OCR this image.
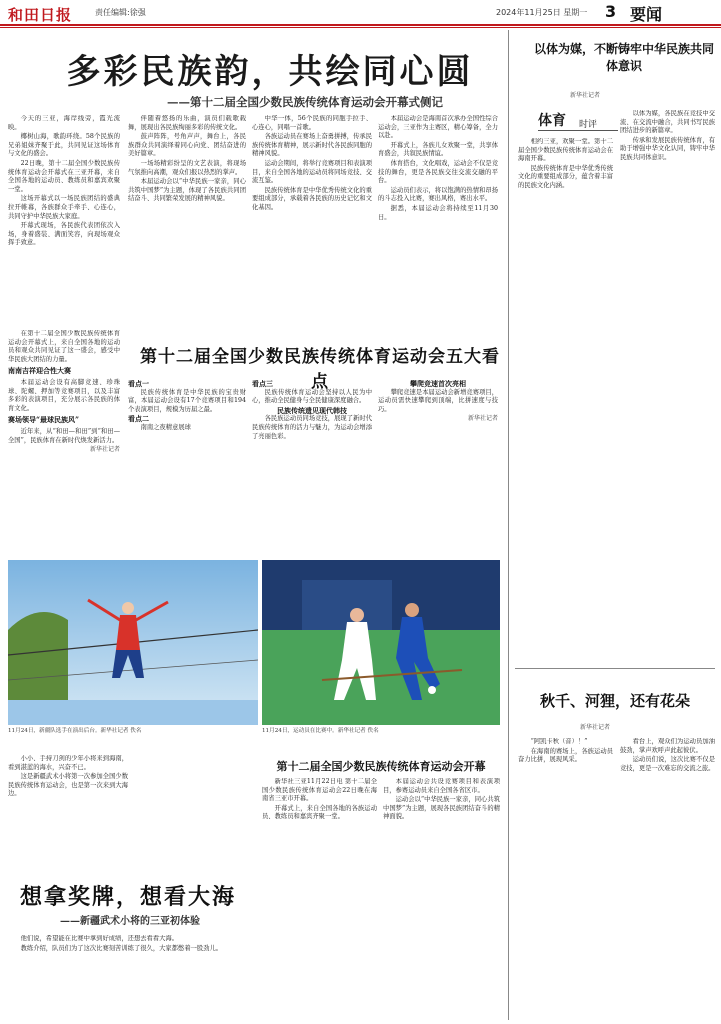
和田日报	责任编辑:徐强	2024年11月25日 星期一 3 要闻
多彩民族韵，共绘同心圆
——第十二届全国少数民族传统体育运动会开幕式侧记

今天的三亚，海岸线旁，霞光流映。

椰树山海，歌韵环绕。58个民族的兄弟姐妹齐聚于此，共同见证这场体育与文化的盛会。

22日晚，第十二届全国少数民族传统体育运动会开幕式在三亚开幕，来自全国各地的运动员、教练员和嘉宾欢聚一堂。

这场开幕式以一场民族团结的盛典拉开帷幕，各族群众手牵手、心连心，共同守护中华民族大家庭。

开幕式现场，各民族代表团依次入场，身着盛装、满面笑容，向现场观众挥手致意。

伴随着悠扬的乐曲，演员们载歌载舞，展现出各民族绚丽多彩的传统文化。

鼓声阵阵，号角声声，舞台上，各民族群众共同演绎着同心向党、团结奋进的美好篇章。

一场场精彩纷呈的文艺表演，将现场气氛推向高潮，观众们报以热烈的掌声。

本届运动会以“中华民族一家亲，同心共筑中国梦”为主题，体现了各民族共同团结奋斗、共同繁荣发展的精神风貌。

中华一体，56个民族的同胞手拉手、心连心，同唱一首歌。

各族运动员在赛场上奋勇拼搏，传承民族传统体育精神，展示新时代各民族同胞的精神风貌。

运动会期间，将举行竞赛项目和表演项目，来自全国各地的运动员将同场竞技、交流互鉴。

民族传统体育是中华优秀传统文化的重要组成部分，承载着各民族的历史记忆和文化基因。

本届运动会是海南首次承办全国性综合运动会，三亚作为主赛区，精心筹备，全力以赴。

开幕式上，各族儿女欢聚一堂，共享体育盛会，共叙民族情谊。

体育搭台，文化唱戏，运动会不仅是竞技的舞台，更是各民族交往交流交融的平台。

运动员们表示，将以饱满的热情和昂扬的斗志投入比赛，赛出风格，赛出水平。

据悉，本届运动会将持续至11月30日。

在第十二届全国少数民族传统体育运动会开幕式上，来自全国各地的运动员和观众共同见证了这一盛会，感受中华民族大团结的力量。

南南吉祥迎合性大赛

本届运动会设有高脚竞速、珍珠球、陀螺、押加等竞赛项目，以及丰富多彩的表演项目，充分展示各民族的体育文化。

赛场领导“最球民族风”

近年来，从“和田—和田”到“和田—全国”，民族体育在新时代焕发新活力。

新华社记者
第十二届全国少数民族传统体育运动会五大看点
看点一

民族传统体育是中华民族的宝贵财富，本届运动会设有17个竞赛项目和194个表演项目，规模为历届之最。

看点二

南南之夜精意展球

看点三

民族传统体育运动会坚持以人民为中心，推动全民健身与全民健康深度融合。

民族传统遗见现代韩技

各民族运动员同场竞技，展现了新时代民族传统体育的活力与魅力，为运动会增添了亮丽色彩。

攀爬竞速首次亮相

攀爬竞速是本届运动会新增竞赛项目，运动员需快速攀爬到顶端，比拼速度与技巧。

新华社记者
11月24日，新疆队选手在演出后台。新华社记者 佚名	11月24日，运动员在比赛中。新华社记者 佚名

小小、手持刀剑的少年小将来到海南，看到湛蓝的海水，兴奋不已。

这是新疆武术小将第一次参加全国少数民族传统体育运动会，也是第一次来到大海边。

想拿奖牌，想看大海
——新疆武术小将的三亚初体验

他们说，希望能在比赛中拿到好成绩，还想去看看大海。

教练介绍，队员们为了这次比赛刻苦训练了很久，大家都憋着一股劲儿。

第十二届全国少数民族传统体育运动会开幕

新华社三亚11月22日电 第十二届全国少数民族传统体育运动会22日晚在海南省三亚市开幕。

开幕式上，来自全国各地的各族运动员、教练员和嘉宾齐聚一堂。

本届运动会共设竞赛项目和表演项目，参赛运动员来自全国各省区市。

运动会以“中华民族一家亲，同心共筑中国梦”为主题，展现各民族团结奋斗的精神面貌。

以体为媒，不断铸牢中华民族共同体意识
新华社记者
体育 时评

相约三亚，欢聚一堂。第十二届全国少数民族传统体育运动会在海南开幕。

民族传统体育是中华优秀传统文化的重要组成部分，蕴含着丰富的民族文化内涵。

以体为媒，各民族在竞技中交流、在交流中融合，共同书写民族团结进步的新篇章。

传承和发展民族传统体育，有助于增强中华文化认同，铸牢中华民族共同体意识。

秋千、河狸，还有花朵
新华社记者

“阿凯卡秋（音）！”

在海南的赛场上，各族运动员奋力比拼，展现风采。

看台上，观众们为运动员加油鼓劲，掌声欢呼声此起彼伏。

运动员们说，这次比赛不仅是竞技，更是一次难忘的交流之旅。
